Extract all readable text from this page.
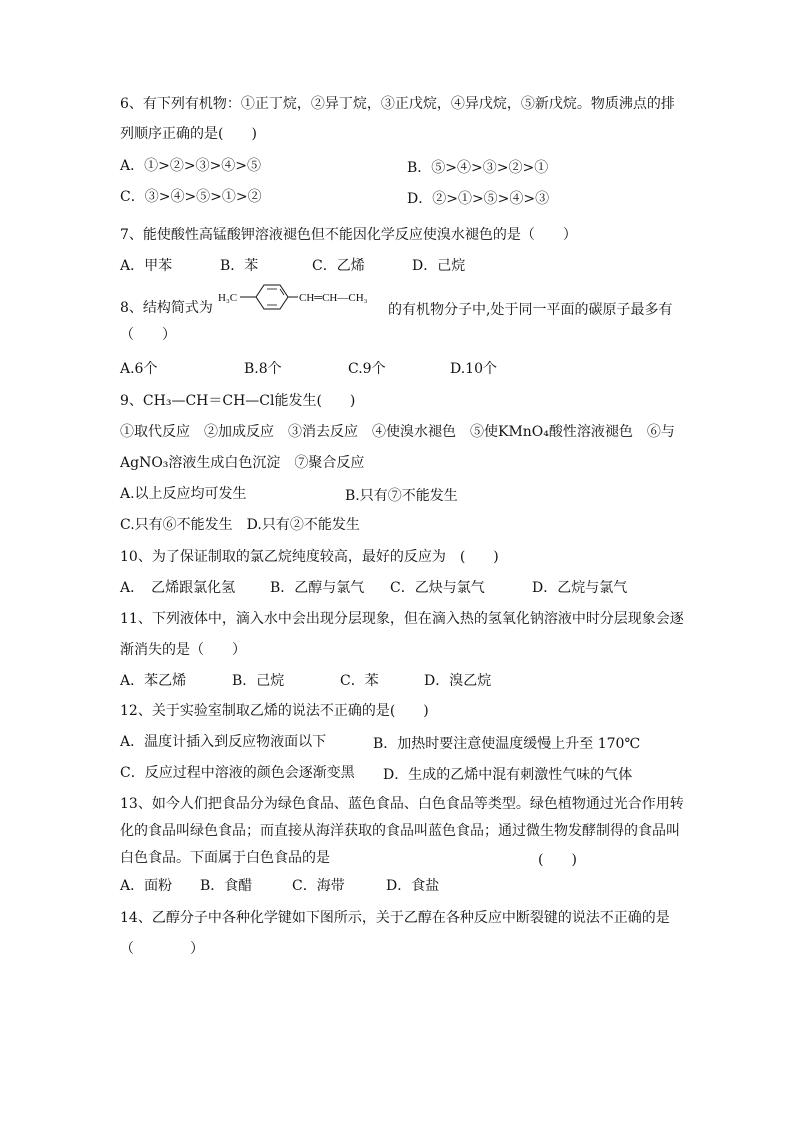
6、有下列有机物：①正丁烷，②异丁烷，③正戊烷，④异戊烷，⑤新戊烷。物质沸点的排
列顺序正确的是(　　)
A．①>②>③>④>⑤	B．⑤>④>③>②>①
C．③>④>⑤>①>②	D．②>①>⑤>④>③
7、能使酸性高锰酸钾溶液褪色但不能因化学反应使溴水褪色的是（　　）
A．甲苯	B．苯	C．乙烯	D．己烷
8、结构简式为
H₃C	CH═CH—CH₃
的有机物分子中,处于同一平面的碳原子最多有
（　　）
A.6个	B.8个	C.9个	D.10个
9、CH₃—CH＝CH—Cl能发生(　　)
①取代反应　②加成反应　③消去反应　④使溴水褪色　⑤使KMnO₄酸性溶液褪色　⑥与
AgNO₃溶液生成白色沉淀　⑦聚合反应
A.以上反应均可发生	B.只有⑦不能发生
C.只有⑥不能发生　D.只有②不能发生
10、为了保证制取的氯乙烷纯度较高，最好的反应为　(　　)
A．　乙烯跟氯化氢 B．乙醇与氯气 C．乙炔与氯气	D．乙烷与氯气
11、下列液体中，滴入水中会出现分层现象，但在滴入热的氢氧化钠溶液中时分层现象会逐
渐消失的是（　　）
A．苯乙烯	B．己烷	C．苯	D．溴乙烷
12、关于实验室制取乙烯的说法不正确的是(　　)
A．温度计插入到反应物液面以下	B．加热时要注意使温度缓慢上升至 170℃
C．反应过程中溶液的颜色会逐渐变黑 D．生成的乙烯中混有刺激性气味的气体
13、如今人们把食品分为绿色食品、蓝色食品、白色食品等类型。绿色植物通过光合作用转
化的食品叫绿色食品；而直接从海洋获取的食品叫蓝色食品；通过微生物发酵制得的食品叫
白色食品。下面属于白色食品的是	(　　)
A．面粉 B．食醋	C．海带	D．食盐
14、乙醇分子中各种化学键如下图所示，关于乙醇在各种反应中断裂键的说法不正确的是
（　　　　）
